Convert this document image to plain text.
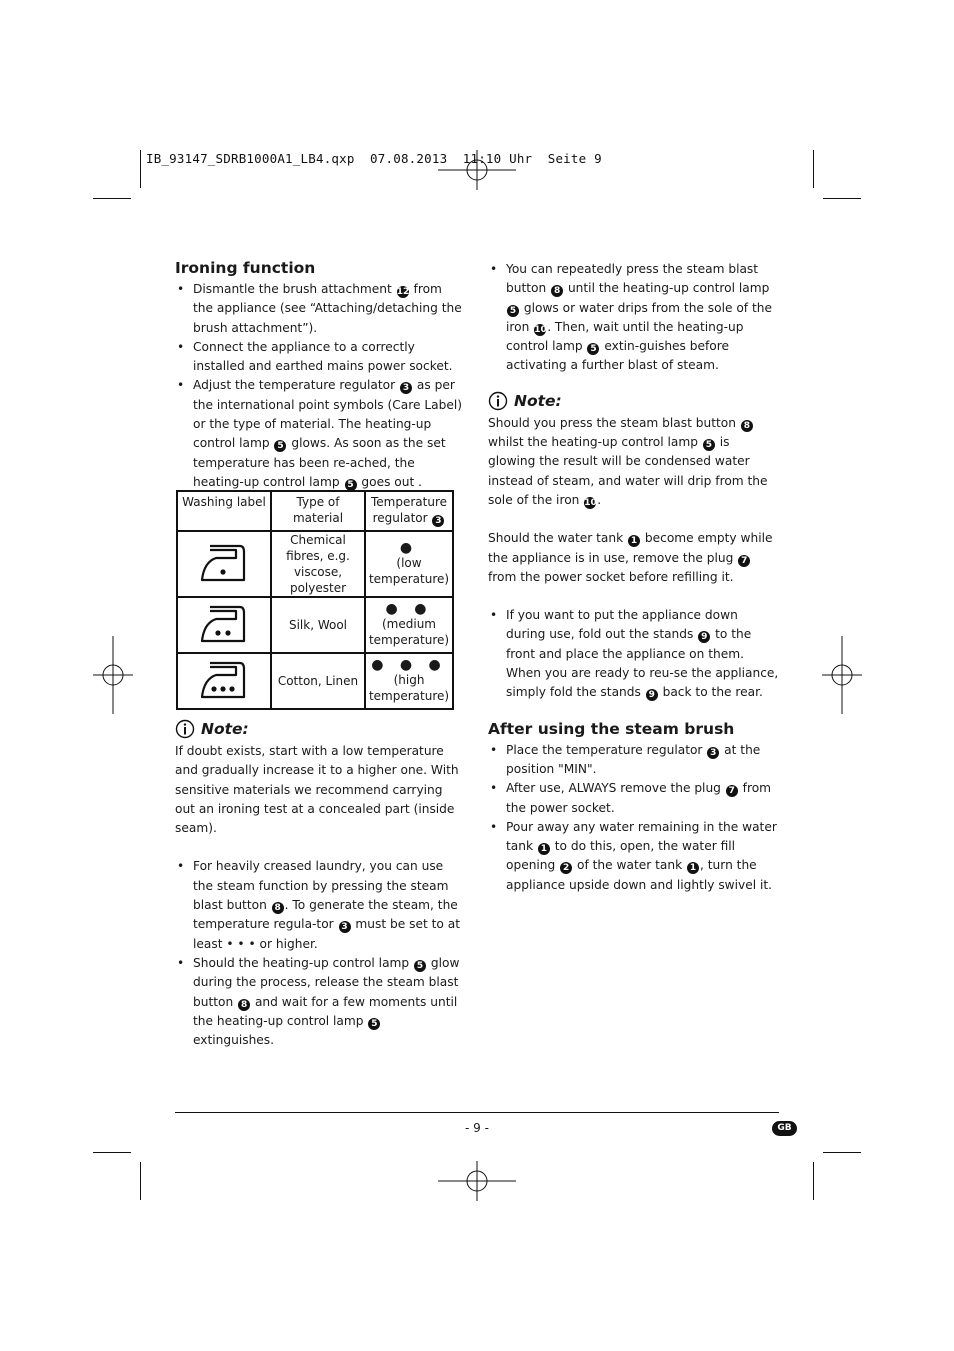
IB_93147_SDRB1000A1_LB4.qxp  07.08.2013  11:10 Uhr  Seite 9
Ironing function
• Dismantle the brush attachment 12 from the appliance (see “Attaching/detaching the brush attachment”).
• Connect the appliance to a correctly installed and earthed mains power socket.
• Adjust the temperature regulator 3 as per the international point symbols (Care Label) or the type of material. The heating-up control lamp 5 glows. As soon as the set temperature has been re-ached, the heating-up control lamp 5 goes out .
Washing label	Type of material	Temperature regulator 3
	Chemical fibres, e.g. viscose, polyester	●
(low temperature)

	Silk, Wool	● ●
(medium temperature)

	Cotton, Linen	● ● ●
(high temperature)
Note:

If doubt exists, start with a low temperature and gradually increase it to a higher one. With sensitive materials we recommend carrying out an ironing test at a concealed part (inside seam).

• For heavily creased laundry, you can use the steam function by pressing the steam blast button 8 . To generate the steam, the temperature regula-tor 3 must be set to at least • • • or higher.
• Should the heating-up control lamp 5 glow during the process, release the steam blast button 8 and wait for a few moments until the heating-up control lamp 5 extinguishes.
• You can repeatedly press the steam blast button 8 until the heating-up control lamp 5 glows or water drips from the sole of the iron 10. Then, wait until the heating-up control lamp 5 extin-guishes before activating a further blast of steam.
Note:

Should you press the steam blast button 8 whilst the heating-up control lamp 5 is glowing the result will be condensed water instead of steam, and water will drip from the sole of the iron 10.

Should the water tank 1 become empty while the appliance is in use, remove the plug 7 from the power socket before refilling it.

• If you want to put the appliance down during use, fold out the stands 9 to the front and place the appliance on them. When you are ready to reu-se the appliance, simply fold the stands 9 back to the rear.
After using the steam brush
• Place the temperature regulator 3 at the position "MIN".
• After use, ALWAYS remove the plug 7 from the power socket.
• Pour away any water remaining in the water tank 1 to do this, open, the water fill opening 2 of the water tank 1 , turn the appliance upside down and lightly swivel it.
- 9 -	GB
